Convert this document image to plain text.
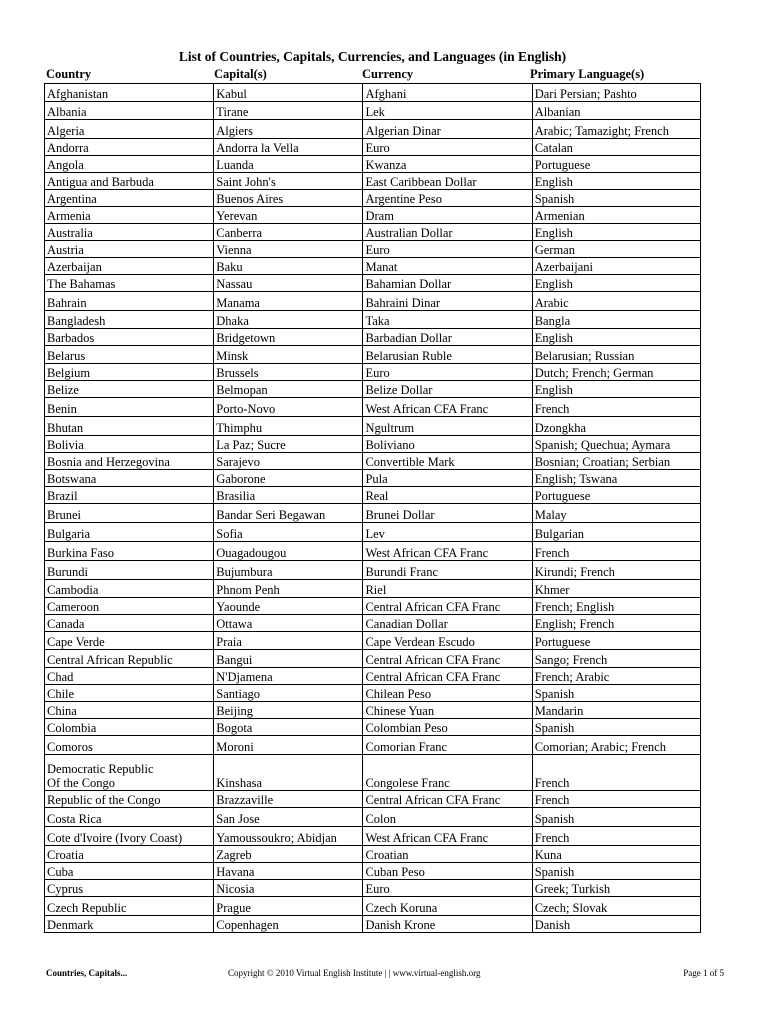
List of Countries, Capitals, Currencies, and Languages (in English)
Country	Capital(s)	Currency	Primary Language(s)
Afghanistan	Kabul	Afghani	Dari Persian; Pashto
Albania	Tirane	Lek	Albanian
Algeria	Algiers	Algerian Dinar	Arabic; Tamazight; French
Andorra	Andorra la Vella	Euro	Catalan
Angola	Luanda	Kwanza	Portuguese
Antigua and Barbuda	Saint John's	East Caribbean Dollar	English
Argentina	Buenos Aires	Argentine Peso	Spanish
Armenia	Yerevan	Dram	Armenian
Australia	Canberra	Australian Dollar	English
Austria	Vienna	Euro	German
Azerbaijan	Baku	Manat	Azerbaijani
The Bahamas	Nassau	Bahamian Dollar	English
Bahrain	Manama	Bahraini Dinar	Arabic
Bangladesh	Dhaka	Taka	Bangla
Barbados	Bridgetown	Barbadian Dollar	English
Belarus	Minsk	Belarusian Ruble	Belarusian; Russian
Belgium	Brussels	Euro	Dutch; French; German
Belize	Belmopan	Belize Dollar	English
Benin	Porto-Novo	West African CFA Franc	French
Bhutan	Thimphu	Ngultrum	Dzongkha
Bolivia	La Paz; Sucre	Boliviano	Spanish; Quechua; Aymara
Bosnia and Herzegovina	Sarajevo	Convertible Mark	Bosnian; Croatian; Serbian
Botswana	Gaborone	Pula	English; Tswana
Brazil	Brasilia	Real	Portuguese
Brunei	Bandar Seri Begawan	Brunei Dollar	Malay
Bulgaria	Sofia	Lev	Bulgarian
Burkina Faso	Ouagadougou	West African CFA Franc	French
Burundi	Bujumbura	Burundi Franc	Kirundi; French
Cambodia	Phnom Penh	Riel	Khmer
Cameroon	Yaounde	Central African CFA Franc	French; English
Canada	Ottawa	Canadian Dollar	English; French
Cape Verde	Praia	Cape Verdean Escudo	Portuguese
Central African Republic	Bangui	Central African CFA Franc	Sango; French
Chad	N'Djamena	Central African CFA Franc	French; Arabic
Chile	Santiago	Chilean Peso	Spanish
China	Beijing	Chinese Yuan	Mandarin
Colombia	Bogota	Colombian Peso	Spanish
Comoros	Moroni	Comorian Franc	Comorian; Arabic; French
Democratic Republic
Of the Congo	Kinshasa	Congolese Franc	French
Republic of the Congo	Brazzaville	Central African CFA Franc	French
Costa Rica	San Jose	Colon	Spanish
Cote d'Ivoire (Ivory Coast)	Yamoussoukro; Abidjan	West African CFA Franc	French
Croatia	Zagreb	Croatian	Kuna
Cuba	Havana	Cuban Peso	Spanish
Cyprus	Nicosia	Euro	Greek; Turkish
Czech Republic	Prague	Czech Koruna	Czech; Slovak
Denmark	Copenhagen	Danish Krone	Danish
Countries, Capitals...	Copyright © 2010 Virtual English Institute | | www.virtual-english.org	Page 1 of 5
